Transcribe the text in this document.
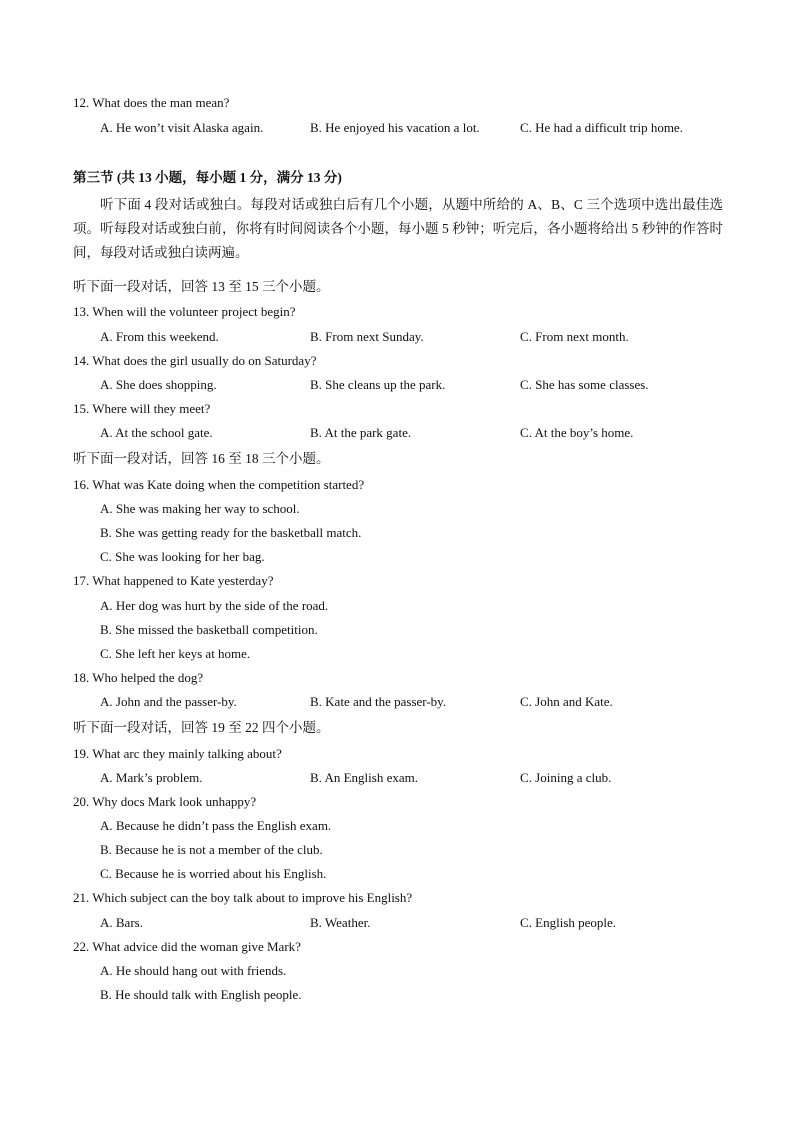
12. What does the man mean?
A. He won’t visit Alaska again.	B. He enjoyed his vacation a lot.	C. He had a difficult trip home.
第三节 (共 13 小题，每小题 1 分，满分 13 分)
听下面 4 段对话或独白。每段对话或独白后有几个小题，从题中所给的 A、B、C 三个选项中选出最佳选项。听每段对话或独白前，你将有时间阅读各个小题，每小题 5 秒钟；听完后，各小题将给出 5 秒钟的作答时间，每段对话或独白读两遍。
听下面一段对话，回答 13 至 15 三个小题。
13. When will the volunteer project begin?
A. From this weekend.	B. From next Sunday.	C. From next month.
14. What does the girl usually do on Saturday?
A. She does shopping.	B. She cleans up the park.	C. She has some classes.
15. Where will they meet?
A. At the school gate.	B. At the park gate.	C. At the boy’s home.
听下面一段对话，回答 16 至 18 三个小题。
16. What was Kate doing when the competition started?
A. She was making her way to school.
B. She was getting ready for the basketball match.
C. She was looking for her bag.
17. What happened to Kate yesterday?
A. Her dog was hurt by the side of the road.
B. She missed the basketball competition.
C. She left her keys at home.
18. Who helped the dog?
A. John and the passer-by.	B. Kate and the passer-by.	C. John and Kate.
听下面一段对话，回答 19 至 22 四个小题。
19. What arc they mainly talking about?
A. Mark’s problem.	B. An English exam.	C. Joining a club.
20. Why docs Mark look unhappy?
A. Because he didn’t pass the English exam.
B. Because he is not a member of the club.
C. Because he is worried about his English.
21. Which subject can the boy talk about to improve his English?
A. Bars.	B. Weather.	C. English people.
22. What advice did the woman give Mark?
A. He should hang out with friends.
B. He should talk with English people.
